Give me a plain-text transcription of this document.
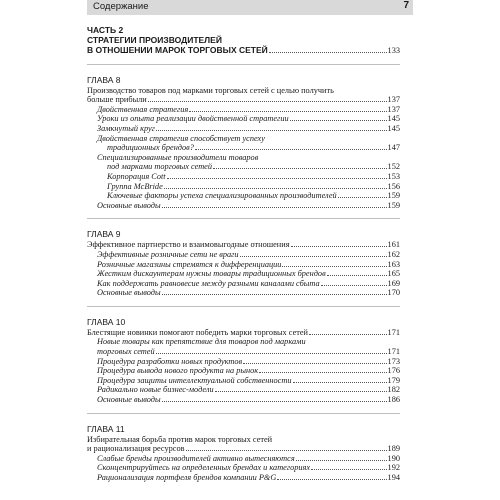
Содержание	7
ЧАСТЬ 2
СТРАТЕГИИ ПРОИЗВОДИТЕЛЕЙ
В ОТНОШЕНИИ МАРОК ТОРГОВЫХ СЕТЕЙ	133
ГЛАВА 8
Производство товаров под марками торговых сетей с целью получить
больше прибыли	137
Двойственная стратегия	137
Уроки из опыта реализации двойственной стратегии	145
Замкнутый круг	145
Двойственная стратегия способствует успеху
традиционных брендов?	147
Специализированные производители товаров
под марками торговых сетей	152
Корпорация Cott	153
Группа McBride	156
Ключевые факторы успеха специализированных производителей	159
Основные выводы	159
ГЛАВА 9
Эффективное партнерство и взаимовыгодные отношения	161
Эффективные розничные сети не враги	162
Розничные магазины стремятся к дифференциации	163
Жестким дискаунтерам нужны товары традиционных брендов	165
Как поддержать равновесие между разными каналами сбыта	169
Основные выводы	170
ГЛАВА 10
Блестящие новинки помогают победить марки торговых сетей	171
Новые товары как препятствие для товаров под марками
торговых сетей	171
Процедура разработки новых продуктов	173
Процедура вывода нового продукта на рынок	176
Процедура защиты интеллектуальной собственности	179
Радикально новые бизнес-модели	182
Основные выводы	186
ГЛАВА 11
Избирательная борьба против марок торговых сетей
и рационализация ресурсов	189
Слабые бренды производителей активно вытесняются	190
Сконцентрируйтесь на определенных брендах и категориях	192
Рационализация портфеля брендов компании P&G	194
